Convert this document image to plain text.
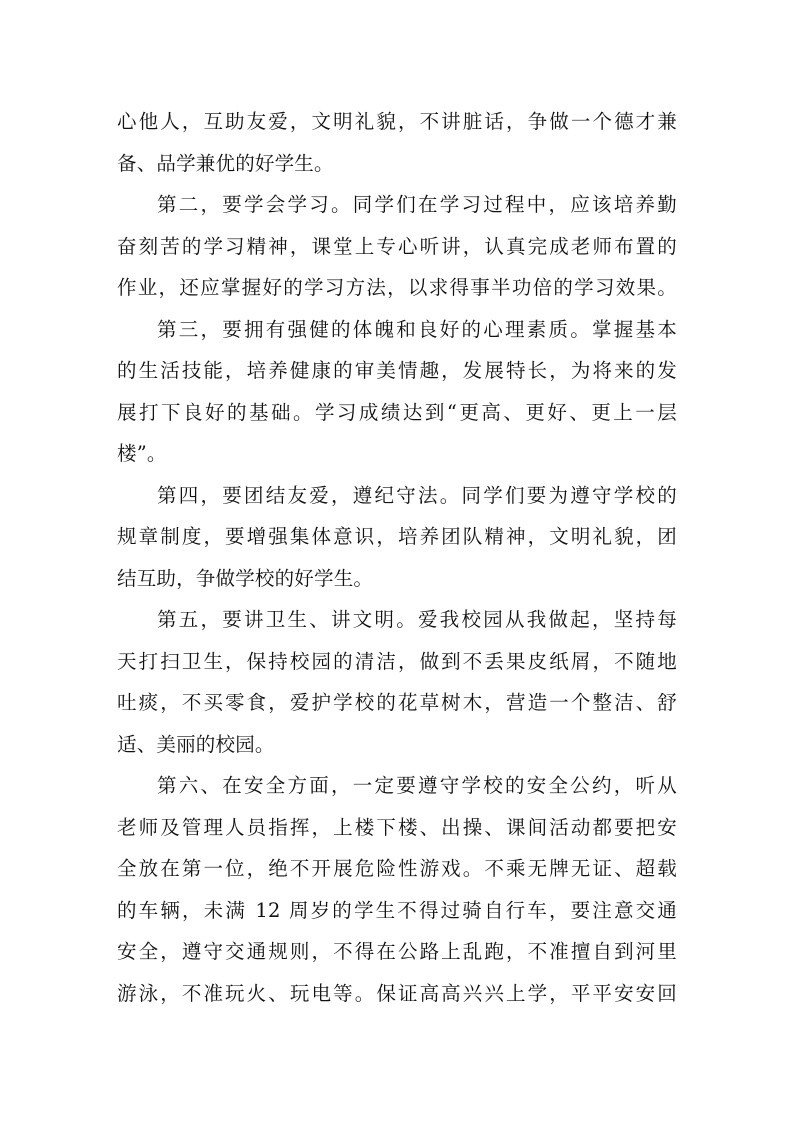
心他人，互助友爱，文明礼貌，不讲脏话，争做一个德才兼
备、品学兼优的好学生。
第二，要学会学习。同学们在学习过程中，应该培养勤
奋刻苦的学习精神，课堂上专心听讲，认真完成老师布置的
作业，还应掌握好的学习方法，以求得事半功倍的学习效果。
第三，要拥有强健的体魄和良好的心理素质。掌握基本
的生活技能，培养健康的审美情趣，发展特长，为将来的发
展打下良好的基础。学习成绩达到“更高、更好、更上一层
楼”。
第四，要团结友爱，遵纪守法。同学们要为遵守学校的
规章制度，要增强集体意识，培养团队精神，文明礼貌，团
结互助，争做学校的好学生。
第五，要讲卫生、讲文明。爱我校园从我做起，坚持每
天打扫卫生，保持校园的清洁，做到不丢果皮纸屑，不随地
吐痰，不买零食，爱护学校的花草树木，营造一个整洁、舒
适、美丽的校园。
第六、在安全方面，一定要遵守学校的安全公约，听从
老师及管理人员指挥，上楼下楼、出操、课间活动都要把安
全放在第一位，绝不开展危险性游戏。不乘无牌无证、超载
的车辆，未满 12 周岁的学生不得过骑自行车，要注意交通
安全，遵守交通规则，不得在公路上乱跑，不准擅自到河里
游泳，不准玩火、玩电等。保证高高兴兴上学，平平安安回
